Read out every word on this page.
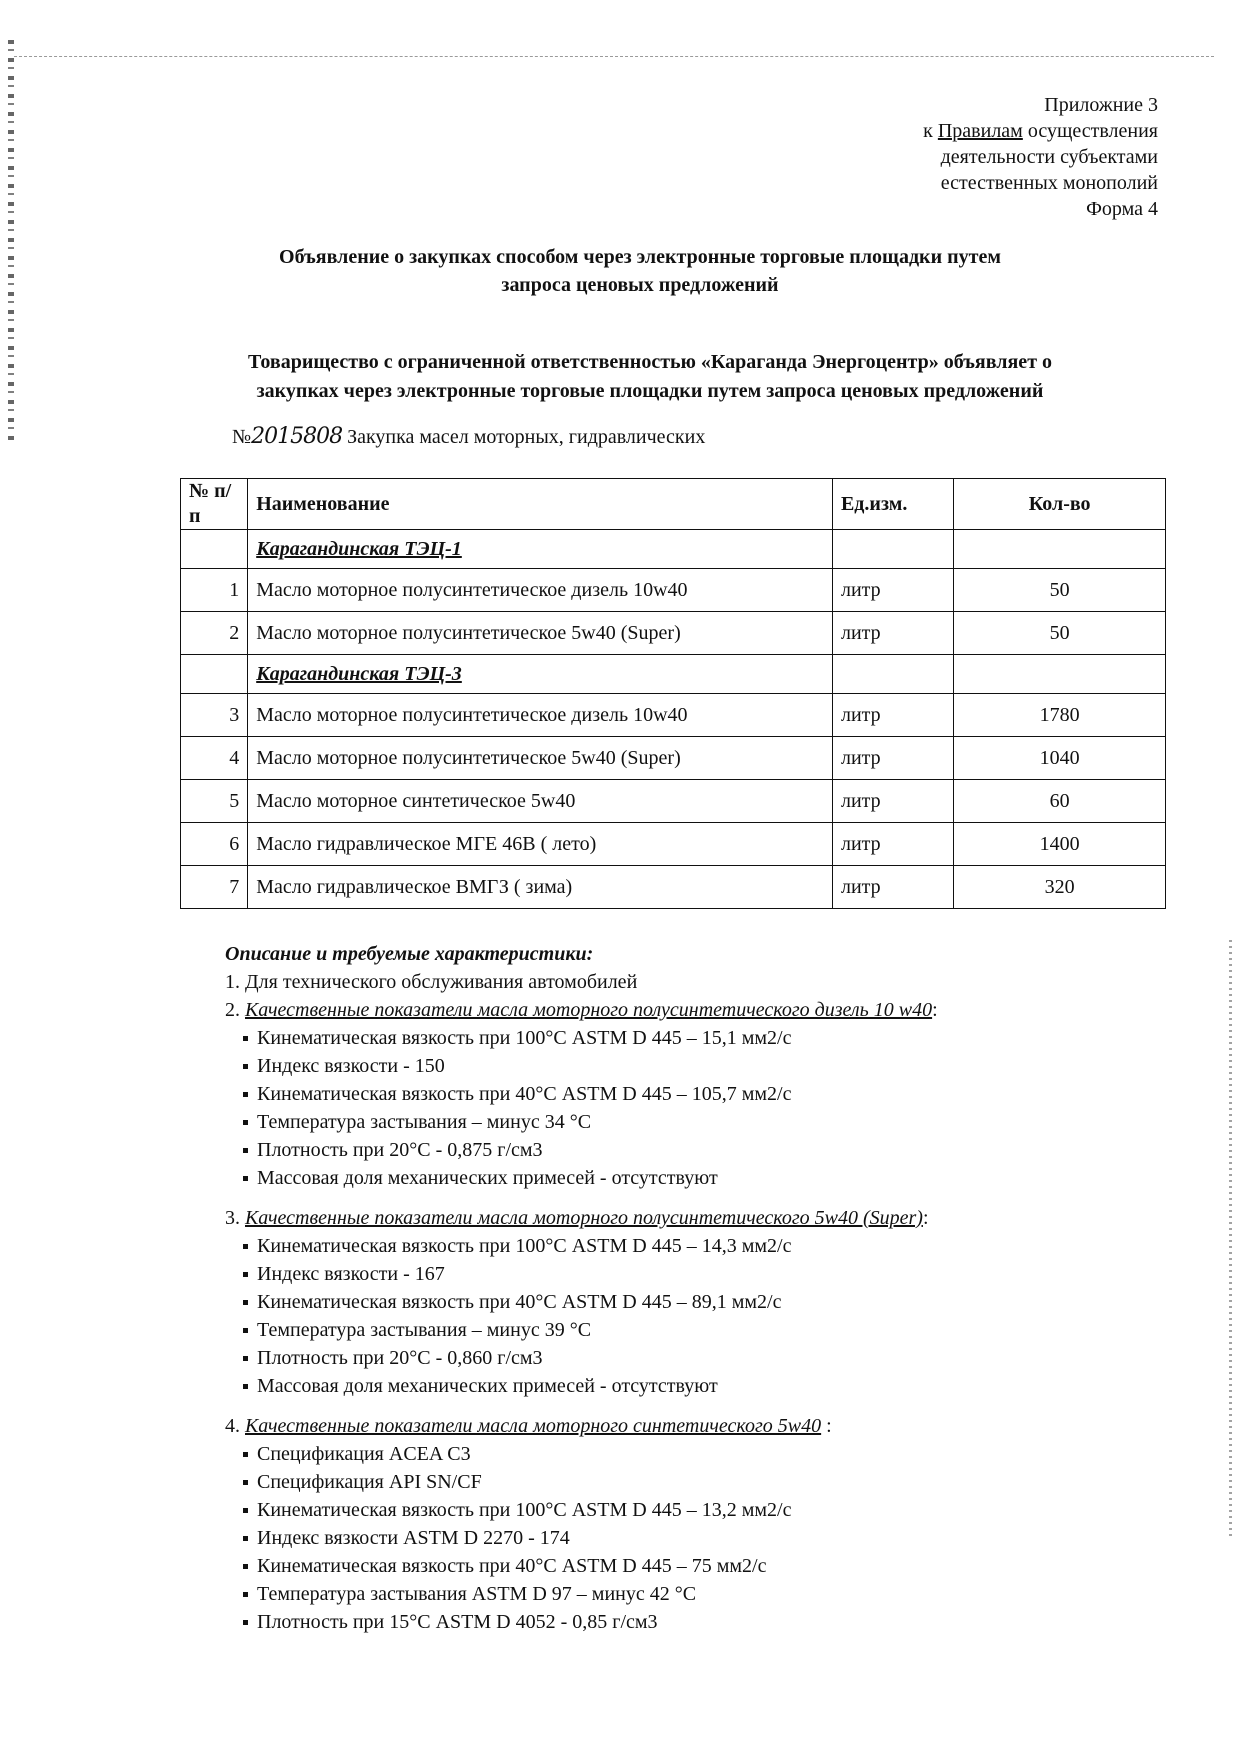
Приложние 3
к Правилам осуществления
деятельности субъектами
естественных монополий
Форма 4
Объявление о закупках способом через электронные торговые площадки путем
запроса ценовых предложений
Товарищество с ограниченной ответственностью «Караганда Энергоцентр» объявляет о
закупках через электронные торговые площадки путем запроса ценовых предложений
№2015808 Закупка масел моторных, гидравлических
№ п/п	Наименование	Ед.изм.	Кол-во
	Карагандинская ТЭЦ-1		
1	Масло моторное полусинтетическое дизель 10w40	литр	50
2	Масло моторное полусинтетическое 5w40 (Super)	литр	50
	Карагандинская ТЭЦ-3		
3	Масло моторное полусинтетическое дизель 10w40	литр	1780
4	Масло моторное полусинтетическое 5w40 (Super)	литр	1040
5	Масло моторное синтетическое 5w40	литр	60
6	Масло гидравлическое МГЕ 46В ( лето)	литр	1400
7	Масло гидравлическое ВМГЗ ( зима)	литр	320
Описание и требуемые характеристики:
1. Для технического обслуживания автомобилей
2. Качественные показатели масла моторного полусинтетического дизель 10 w40:
Кинематическая вязкость при 100°С ASTM D 445 – 15,1 мм2/с
Индекс вязкости - 150
Кинематическая вязкость при 40°С ASTM D 445 – 105,7 мм2/с
Температура застывания – минус 34 °С
Плотность при 20°С - 0,875 г/см3
Массовая доля механических примесей - отсутствуют
3. Качественные показатели масла моторного полусинтетического 5w40 (Super):
Кинематическая вязкость при 100°С ASTM D 445 – 14,3 мм2/с
Индекс вязкости - 167
Кинематическая вязкость при 40°С ASTM D 445 – 89,1 мм2/с
Температура застывания – минус 39 °С
Плотность при 20°С - 0,860 г/см3
Массовая доля механических примесей - отсутствуют
4. Качественные показатели масла моторного синтетического 5w40 :
Спецификация ACEA C3
Спецификация API SN/CF
Кинематическая вязкость при 100°С ASTM D 445 – 13,2 мм2/с
Индекс вязкости ASTM D 2270 - 174
Кинематическая вязкость при 40°С ASTM D 445 – 75 мм2/с
Температура застывания ASTM D 97 – минус 42 °С
Плотность при 15°С ASTM D 4052 - 0,85 г/см3
